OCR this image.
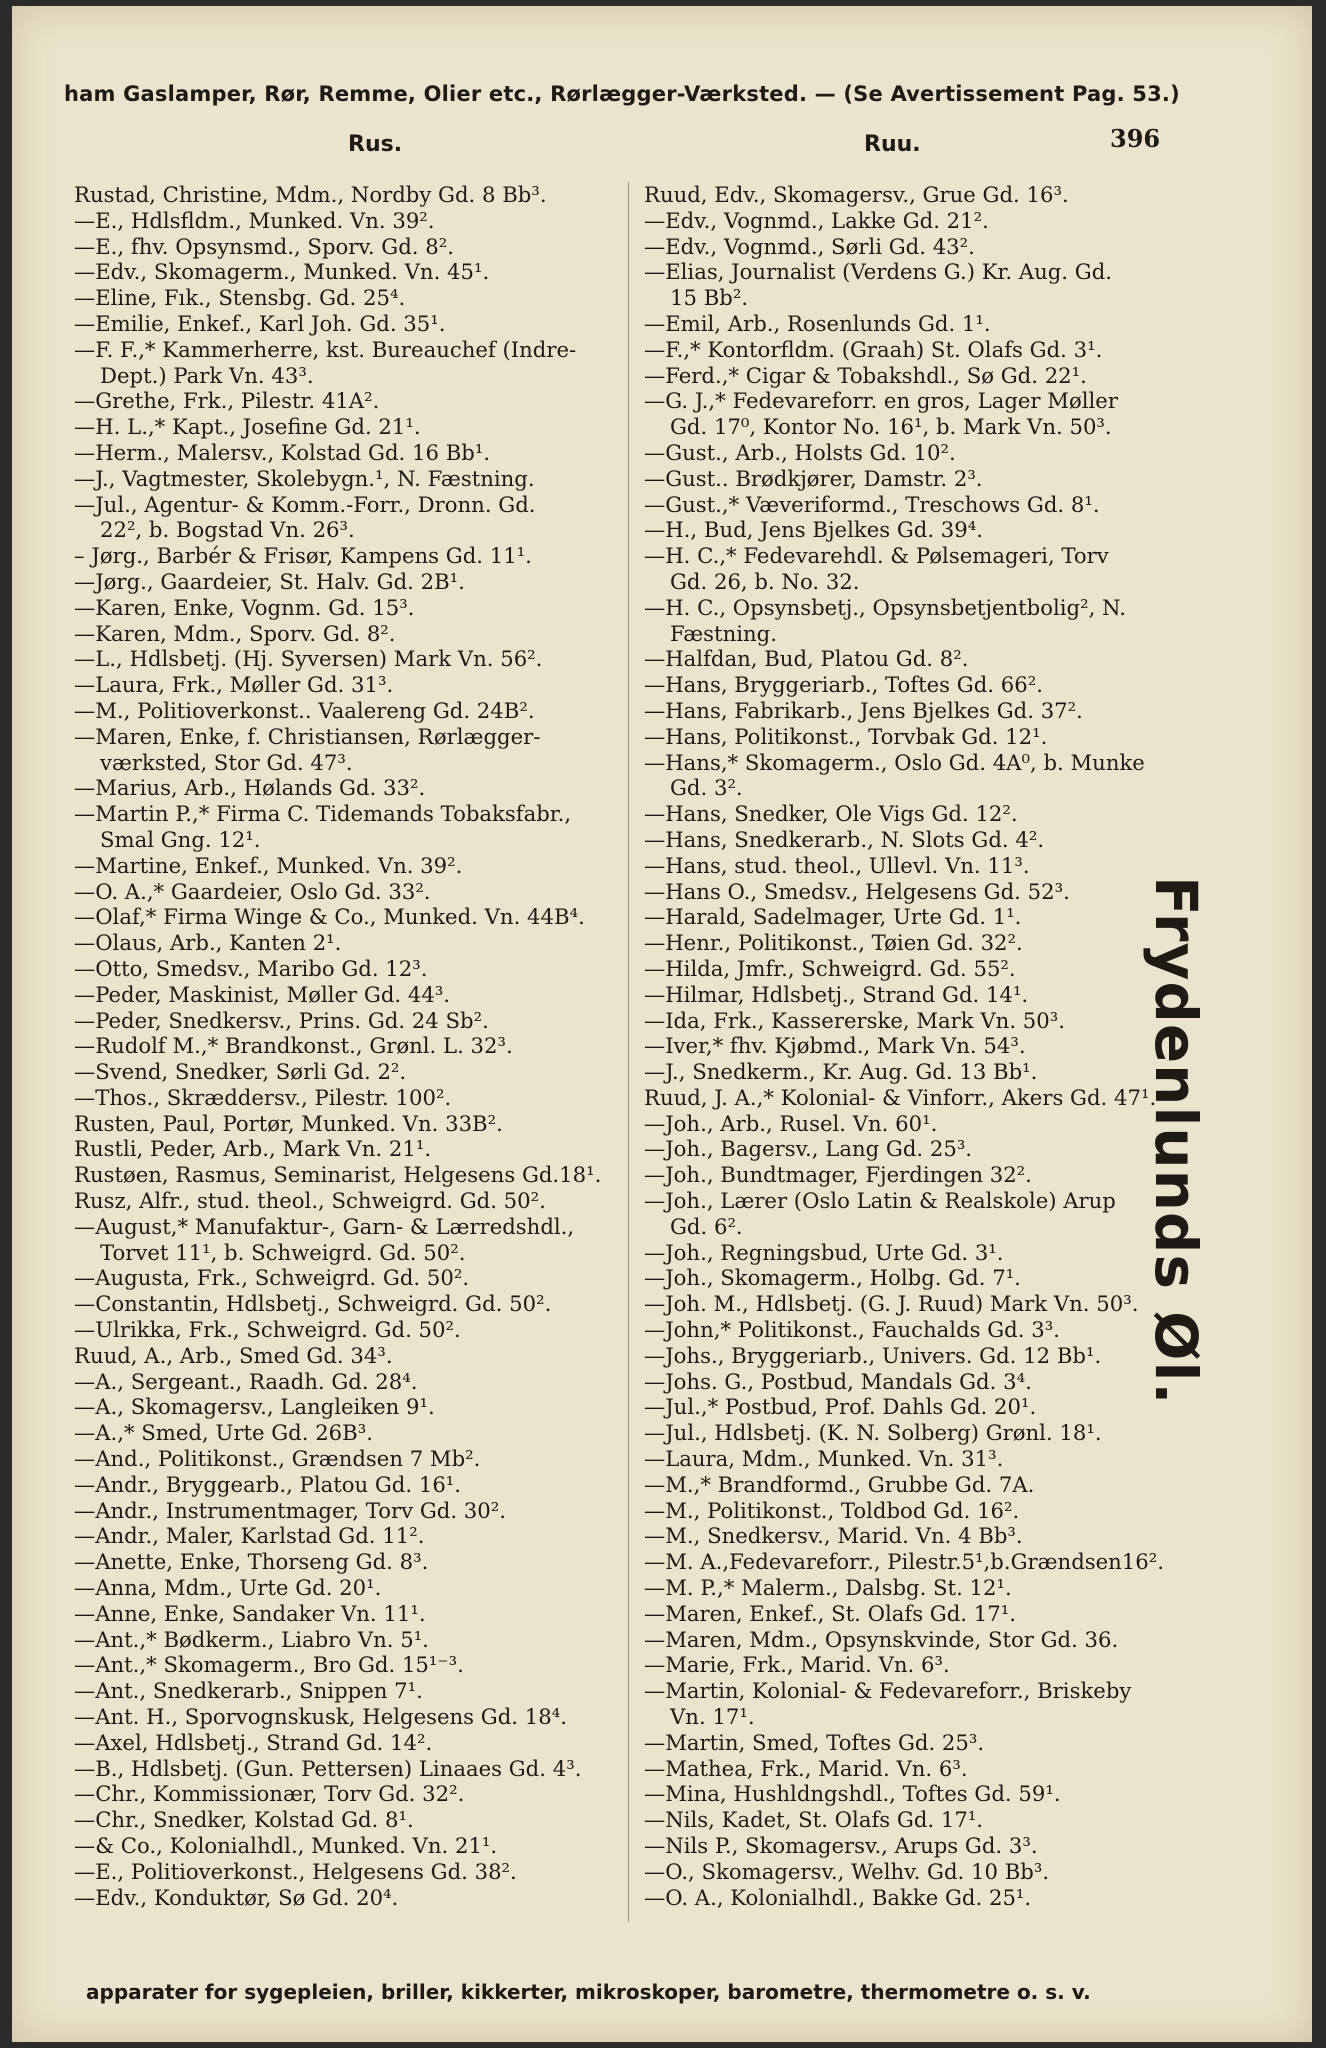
ham Gaslamper, Rør, Remme, Olier etc., Rørlægger-Værksted. — (Se Avertissement Pag. 53.)
Rus.	Ruu.	396
Rustad, Christine, Mdm., Nordby Gd. 8 Bb³.
—E., Hdlsfldm., Munked. Vn. 39².
—E., fhv. Opsynsmd., Sporv. Gd. 8².
—Edv., Skomagerm., Munked. Vn. 45¹.
—Eline, Fık., Stensbg. Gd. 25⁴.
—Emilie, Enkef., Karl Joh. Gd. 35¹.
—F. F.,* Kammerherre, kst. Bureauchef (Indre-
Dept.) Park Vn. 43³.
—Grethe, Frk., Pilestr. 41A².
—H. L.,* Kapt., Josefine Gd. 21¹.
—Herm., Malersv., Kolstad Gd. 16 Bb¹.
—J., Vagtmester, Skolebygn.¹, N. Fæstning.
—Jul., Agentur- & Komm.-Forr., Dronn. Gd.
22², b. Bogstad Vn. 26³.
– Jørg., Barbér & Frisør, Kampens Gd. 11¹.
—Jørg., Gaardeier, St. Halv. Gd. 2B¹.
—Karen, Enke, Vognm. Gd. 15³.
—Karen, Mdm., Sporv. Gd. 8².
—L., Hdlsbetj. (Hj. Syversen) Mark Vn. 56².
—Laura, Frk., Møller Gd. 31³.
—M., Politioverkonst.. Vaalereng Gd. 24B².
—Maren, Enke, f. Christiansen, Rørlægger-
værksted, Stor Gd. 47³.
—Marius, Arb., Hølands Gd. 33².
—Martin P.,* Firma C. Tidemands Tobaksfabr.,
Smal Gng. 12¹.
—Martine, Enkef., Munked. Vn. 39².
—O. A.,* Gaardeier, Oslo Gd. 33².
—Olaf,* Firma Winge & Co., Munked. Vn. 44B⁴.
—Olaus, Arb., Kanten 2¹.
—Otto, Smedsv., Maribo Gd. 12³.
—Peder, Maskinist, Møller Gd. 44³.
—Peder, Snedkersv., Prins. Gd. 24 Sb².
—Rudolf M.,* Brandkonst., Grønl. L. 32³.
—Svend, Snedker, Sørli Gd. 2².
—Thos., Skræddersv., Pilestr. 100².
Rusten, Paul, Portør, Munked. Vn. 33B².
Rustli, Peder, Arb., Mark Vn. 21¹.
Rustøen, Rasmus, Seminarist, Helgesens Gd.18¹.
Rusz, Alfr., stud. theol., Schweigrd. Gd. 50².
—August,* Manufaktur-, Garn- & Lærredshdl.,
Torvet 11¹, b. Schweigrd. Gd. 50².
—Augusta, Frk., Schweigrd. Gd. 50².
—Constantin, Hdlsbetj., Schweigrd. Gd. 50².
—Ulrikka, Frk., Schweigrd. Gd. 50².
Ruud, A., Arb., Smed Gd. 34³.
—A., Sergeant., Raadh. Gd. 28⁴.
—A., Skomagersv., Langleiken 9¹.
—A.,* Smed, Urte Gd. 26B³.
—And., Politikonst., Grændsen 7 Mb².
—Andr., Bryggearb., Platou Gd. 16¹.
—Andr., Instrumentmager, Torv Gd. 30².
—Andr., Maler, Karlstad Gd. 11².
—Anette, Enke, Thorseng Gd. 8³.
—Anna, Mdm., Urte Gd. 20¹.
—Anne, Enke, Sandaker Vn. 11¹.
—Ant.,* Bødkerm., Liabro Vn. 5¹.
—Ant.,* Skomagerm., Bro Gd. 15¹⁻³.
—Ant., Snedkerarb., Snippen 7¹.
—Ant. H., Sporvognskusk, Helgesens Gd. 18⁴.
—Axel, Hdlsbetj., Strand Gd. 14².
—B., Hdlsbetj. (Gun. Pettersen) Linaaes Gd. 4³.
—Chr., Kommissionær, Torv Gd. 32².
—Chr., Snedker, Kolstad Gd. 8¹.
—& Co., Kolonialhdl., Munked. Vn. 21¹.
—E., Politioverkonst., Helgesens Gd. 38².
—Edv., Konduktør, Sø Gd. 20⁴.
Ruud, Edv., Skomagersv., Grue Gd. 16³.
—Edv., Vognmd., Lakke Gd. 21².
—Edv., Vognmd., Sørli Gd. 43².
—Elias, Journalist (Verdens G.) Kr. Aug. Gd.
15 Bb².
—Emil, Arb., Rosenlunds Gd. 1¹.
—F.,* Kontorfldm. (Graah) St. Olafs Gd. 3¹.
—Ferd.,* Cigar & Tobakshdl., Sø Gd. 22¹.
—G. J.,* Fedevareforr. en gros, Lager Møller
Gd. 17⁰, Kontor No. 16¹, b. Mark Vn. 50³.
—Gust., Arb., Holsts Gd. 10².
—Gust.. Brødkjører, Damstr. 2³.
—Gust.,* Væveriformd., Treschows Gd. 8¹.
—H., Bud, Jens Bjelkes Gd. 39⁴.
—H. C.,* Fedevarehdl. & Pølsemageri, Torv
Gd. 26, b. No. 32.
—H. C., Opsynsbetj., Opsynsbetjentbolig², N.
Fæstning.
—Halfdan, Bud, Platou Gd. 8².
—Hans, Bryggeriarb., Toftes Gd. 66².
—Hans, Fabrikarb., Jens Bjelkes Gd. 37².
—Hans, Politikonst., Torvbak Gd. 12¹.
—Hans,* Skomagerm., Oslo Gd. 4A⁰, b. Munke
Gd. 3².
—Hans, Snedker, Ole Vigs Gd. 12².
—Hans, Snedkerarb., N. Slots Gd. 4².
—Hans, stud. theol., Ullevl. Vn. 11³.
—Hans O., Smedsv., Helgesens Gd. 52³.
—Harald, Sadelmager, Urte Gd. 1¹.
—Henr., Politikonst., Tøien Gd. 32².
—Hilda, Jmfr., Schweigrd. Gd. 55².
—Hilmar, Hdlsbetj., Strand Gd. 14¹.
—Ida, Frk., Kassererske, Mark Vn. 50³.
—Iver,* fhv. Kjøbmd., Mark Vn. 54³.
—J., Snedkerm., Kr. Aug. Gd. 13 Bb¹.
Ruud, J. A.,* Kolonial- & Vinforr., Akers Gd. 47¹.
—Joh., Arb., Rusel. Vn. 60¹.
—Joh., Bagersv., Lang Gd. 25³.
—Joh., Bundtmager, Fjerdingen 32².
—Joh., Lærer (Oslo Latin & Realskole) Arup
Gd. 6².
—Joh., Regningsbud, Urte Gd. 3¹.
—Joh., Skomagerm., Holbg. Gd. 7¹.
—Joh. M., Hdlsbetj. (G. J. Ruud) Mark Vn. 50³.
—John,* Politikonst., Fauchalds Gd. 3³.
—Johs., Bryggeriarb., Univers. Gd. 12 Bb¹.
—Johs. G., Postbud, Mandals Gd. 3⁴.
—Jul.,* Postbud, Prof. Dahls Gd. 20¹.
—Jul., Hdlsbetj. (K. N. Solberg) Grønl. 18¹.
—Laura, Mdm., Munked. Vn. 31³.
—M.,* Brandformd., Grubbe Gd. 7A.
—M., Politikonst., Toldbod Gd. 16².
—M., Snedkersv., Marid. Vn. 4 Bb³.
—M. A.,Fedevareforr., Pilestr.5¹,b.Grændsen16².
—M. P.,* Malerm., Dalsbg. St. 12¹.
—Maren, Enkef., St. Olafs Gd. 17¹.
—Maren, Mdm., Opsynskvinde, Stor Gd. 36.
—Marie, Frk., Marid. Vn. 6³.
—Martin, Kolonial- & Fedevareforr., Briskeby
Vn. 17¹.
—Martin, Smed, Toftes Gd. 25³.
—Mathea, Frk., Marid. Vn. 6³.
—Mina, Hushldngshdl., Toftes Gd. 59¹.
—Nils, Kadet, St. Olafs Gd. 17¹.
—Nils P., Skomagersv., Arups Gd. 3³.
—O., Skomagersv., Welhv. Gd. 10 Bb³.
—O. A., Kolonialhdl., Bakke Gd. 25¹.
Frydenlunds Øl.
apparater for sygepleien, briller, kikkerter, mikroskoper, barometre, thermometre o. s. v.
